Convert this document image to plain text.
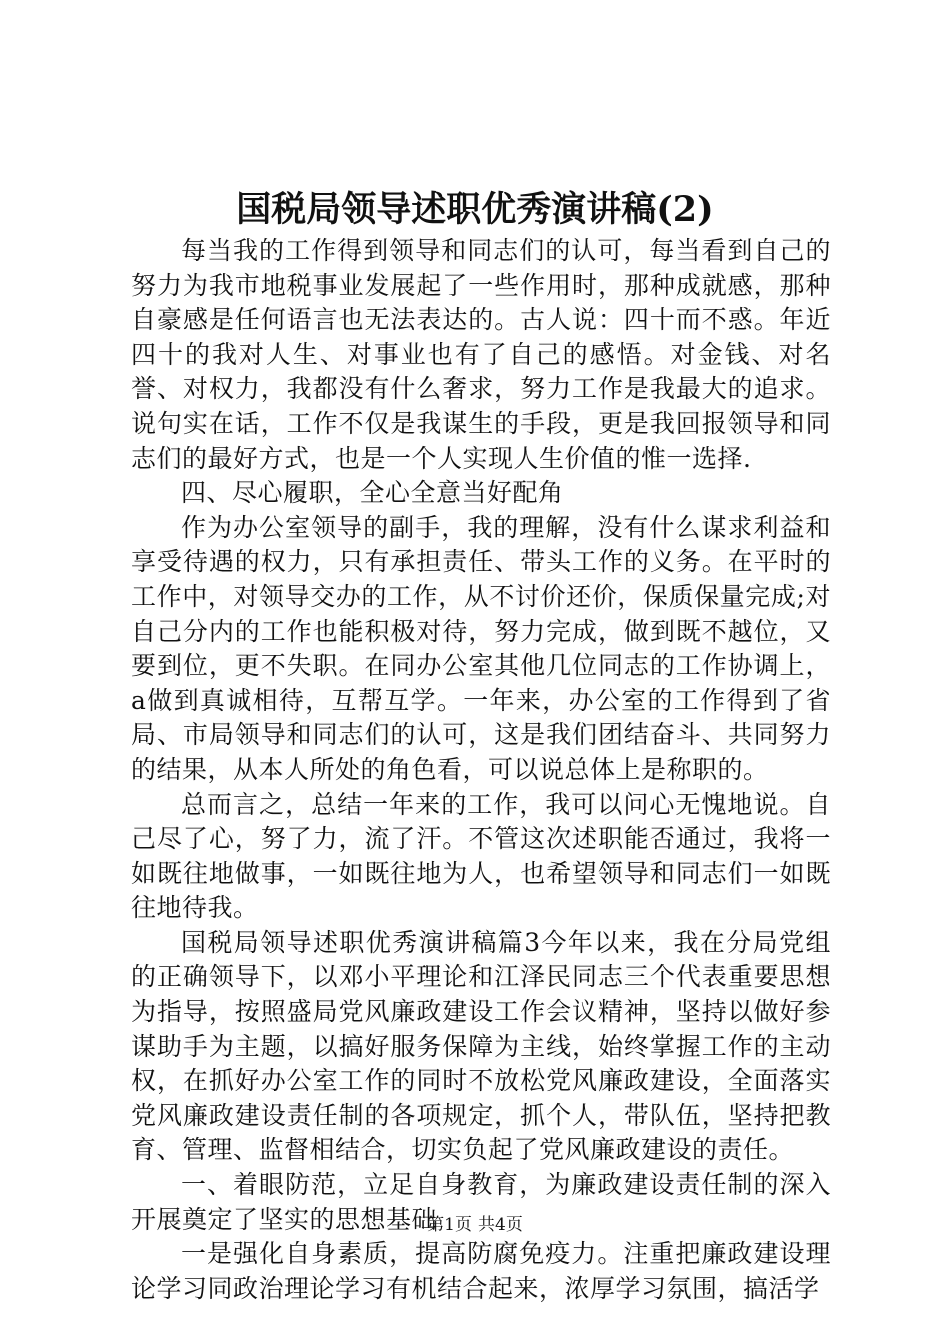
国税局领导述职优秀演讲稿(2)

每当我的工作得到领导和同志们的认可，每当看到自己的努力为我市地税事业发展起了一些作用时，那种成就感，那种自豪感是任何语言也无法表达的。古人说：四十而不惑。年近四十的我对人生、对事业也有了自己的感悟。对金钱、对名誉、对权力，我都没有什么奢求，努力工作是我最大的追求。说句实在话，工作不仅是我谋生的手段，更是我回报领导和同志们的最好方式，也是一个人实现人生价值的惟一选择.

四、尽心履职，全心全意当好配角

作为办公室领导的副手，我的理解，没有什么谋求利益和享受待遇的权力，只有承担责任、带头工作的义务。在平时的工作中，对领导交办的工作，从不讨价还价，保质保量完成;对自己分内的工作也能积极对待，努力完成，做到既不越位，又要到位，更不失职。在同办公室其他几位同志的工作协调上，a做到真诚相待，互帮互学。一年来，办公室的工作得到了省局、市局领导和同志们的认可，这是我们团结奋斗、共同努力的结果，从本人所处的角色看，可以说总体上是称职的。

总而言之，总结一年来的工作，我可以问心无愧地说。自己尽了心，努了力，流了汗。不管这次述职能否通过，我将一如既往地做事，一如既往地为人，也希望领导和同志们一如既往地待我。

国税局领导述职优秀演讲稿篇3今年以来，我在分局党组的正确领导下，以邓小平理论和江泽民同志三个代表重要思想为指导，按照盛局党风廉政建设工作会议精神，坚持以做好参谋助手为主题，以搞好服务保障为主线，始终掌握工作的主动权，在抓好办公室工作的同时不放松党风廉政建设，全面落实党风廉政建设责任制的各项规定，抓个人，带队伍，坚持把教育、管理、监督相结合，切实负起了党风廉政建设的责任。

一、着眼防范，立足自身教育，为廉政建设责任制的深入开展奠定了坚实的思想基础

一是强化自身素质，提高防腐免疫力。注重把廉政建设理论学习同政治理论学习有机结合起来，浓厚学习氛围，搞活学

第1页 共4页
